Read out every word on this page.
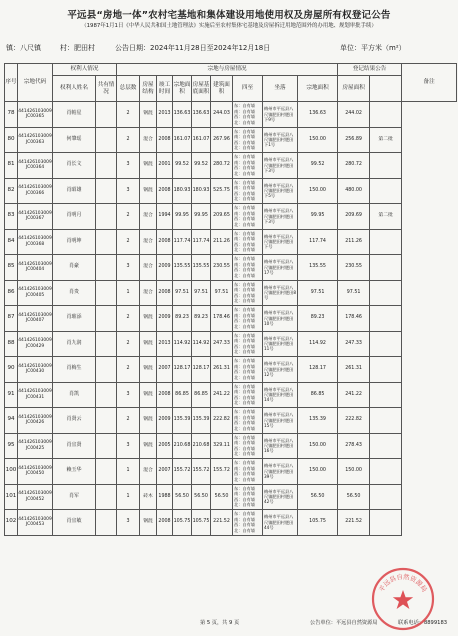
平远县“房地一体”农村宅基地和集体建设用地使用权及房屋所有权登记公告
（1987年1月1日《中华人民共和国土地管理法》实施后至农村集体宅基地及房屋拆迁用地范围外的办用地、规划审批手续）
镇：八尺镇	村：肥田村	公告日期：2024年11月28日至2024年12月18日	单位：平方米（m²）
序号	宗地代码	权利人情况		宗地与房屋情况									登记结果公告		备注
		权利人姓名	共有情况	总层数	房屋结构	竣工时间	宗地面积	房屋基底面积	建筑面积	四至	坐落	宗地面积	房屋面积		
78	441426103009JC00365	肖帕星		2	钢混	2013	136.63	136.63	244.03	东：自有墙 南：自有墙 西：自有墙 北：自有墙	梅州市平远县八尺镇肥田村肥田下9号	136.63	244.02		
80	441426103009JC00363	何肇瑶		2	混合	2008	161.07	161.07	267.96	东：自有墙 南：自有墙 西：自有墙 北：自有墙	梅州市平远县八尺镇肥田村肥田下1号	150.00	256.89	第二批	
81	441426103009JC00364	肖长文		3	钢混	2001	99.52	99.52	280.72	东：自有墙 南：自有墙 西：自有墙 北：自有墙	梅州市平远县八尺镇肥田村肥田下3号	99.52	280.72		
82	441426103009JC00366	肖昭雄		3	钢混	2008	180.93	180.93	525.75	东：自有墙 南：自有墙 西：自有墙 北：自有墙	梅州市平远县八尺镇肥田村肥田下5号	150.00	480.00		
83	441426103009JC00367	肖明月		2	混合	1994	99.95	99.95	209.65	东：自有墙 南：自有墙 西：自有墙 北：自有墙	梅州市平远县八尺镇肥田村肥田下3号	99.95	209.69	第二批	
84	441426103009JC00368	肖明坤		2	混合	2008	117.74	117.74	211.26	东：自有墙 南：自有墙 西：自有墙 北：自有墙	梅州市平远县八尺镇肥田村肥田下号	117.74	211.26		
85	441426103009JC00404	肖豪		3	混合	2009	135.55	135.55	230.55	东：自有墙 南：自有墙 西：自有墙 北：自有墙	梅州市平远县八尺镇肥田村肥田17号	135.55	230.55		
86	441426103009JC00405	肖贵		1	混合	2008	97.51	97.51	97.51	东：自有墙 南：自有墙 西：自有墙 北：自有墙	梅州市平远县八尺镇肥田村肥田8号	97.51	97.51		
87	441426103009JC00407	肖璀添		2	钢混	2009	89.23	89.23	178.46	东：自有墙 南：自有墙 西：自有墙 北：自有墙	梅州市平远县八尺镇肥田村肥田10号	89.23	178.46		
88	441426103009JC00429	肖九润		2	钢混	2013	114.92	114.92	247.33	东：自有墙 南：自有墙 西：自有墙 北：自有墙	梅州市平远县八尺镇肥田村肥田11号	114.92	247.33		
90	441426103009JC00430	肖梅生		2	钢混	2007	128.17	128.17	261.31	东：自有墙 南：自有墙 西：自有墙 北：自有墙	梅州市平远县八尺镇肥田村肥田12号	128.17	261.31		
91	441426103009JC00431	肖凯		3	钢混	2008	86.85	86.85	241.22	东：自有墙 南：自有墙 西：自有墙 北：自有墙	梅州市平远县八尺镇肥田村肥田14号	86.85	241.22		
94	441426103009JC00426	肖贤云		2	钢混	2009	135.39	135.39	222.82	东：自有墙 南：自有墙 西：自有墙 北：自有墙	梅州市平远县八尺镇肥田村肥田15号	135.39	222.82		
95	441426103009JC00425	肖宜贤		3	钢混	2005	210.68	210.68	329.11	东：自有墙 南：自有墙 西：自有墙 北：自有墙	梅州市平远县八尺镇肥田村肥田16号	150.00	278.43		
100	441426103009JC00450	赖玉华		1	混合	2007	155.72	155.72	155.72	东：自有墙 南：自有墙 西：自有墙 北：自有墙	梅州市平远县八尺镇肥田村肥田39号	150.00	150.00		
101	441426103009JC00452	肖军		1	砖木	1988	56.50	56.50	56.50	东：自有墙 南：自有墙 西：自有墙 北：自有墙	梅州市平远县八尺镇肥田村肥田42号	56.50	56.50		
102	441426103009JC00453	肖宜敏		3	钢混	2008	105.75	105.75	221.52	东：自有墙 南：自有墙 西：自有墙 北：自有墙	梅州市平远县八尺镇肥田村肥田44号	105.75	221.52		
第 5 页，共 9 页	公告单位：平远县自然资源局	联系电话：8899183
平远县自然资源局
